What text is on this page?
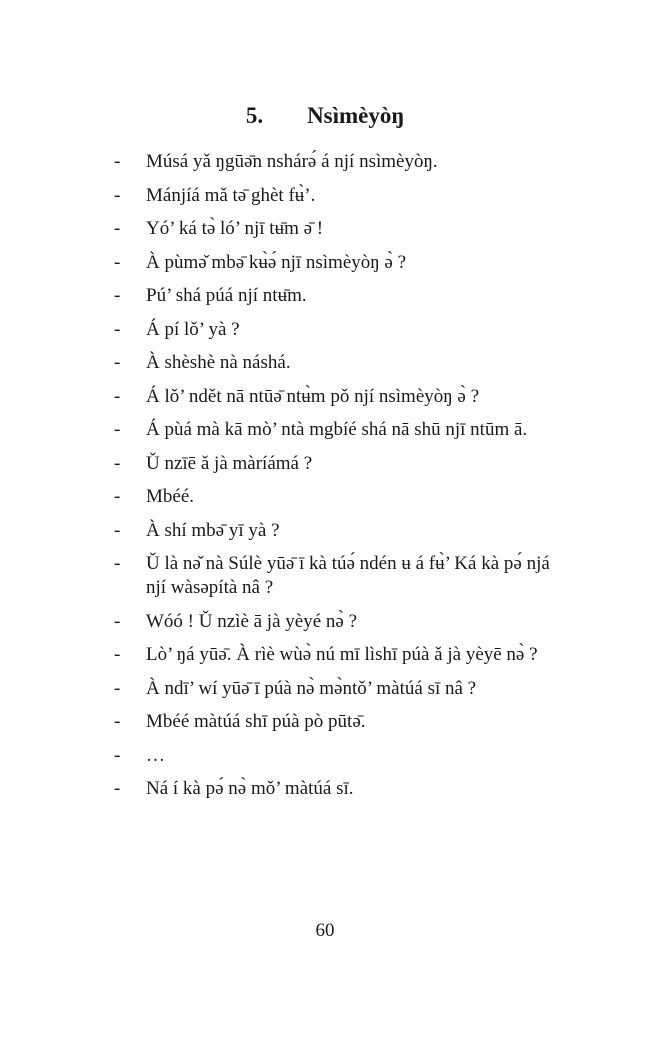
5. Nsìmèyòŋ
- Músá yǎ ŋgūə̄n nshárə́ á njí nsìmèyòŋ.
- Mánjíá mǎ tə̄ ghèt fʉ̀’.
- Yó’ ká tə̀ ló’ njī tʉ̄m ə̄ !
- À pùmə̌ mbə̄ kʉ̀ə́ njī nsìmèyòŋ ə̀ ?
- Pú’ shá púá njí ntʉ̄m.
- Á pí lǒ’ yà ?
- À shèshè nà náshá.
- Á lǒ’ ndět nā ntūə̄ ntʉ̀m pǒ njí nsìmèyòŋ ə̀ ?
- Á pùá mà kā mò’ ntà mgbíé shá nā shū njī ntūm ā.
- Ǔ nzīē ǎ jà màríámá ?
- Mbéé.
- À shí mbə̄ yī yà ?
- Ǔ là nə̌ nà Súlè yūə̄ ī kà túə́ ndén ʉ á fʉ̀’ Ká kà pə́ njá njí wàsəpítà nâ ?
- Wóó ! Ǔ nzìè ā jà yèyé nə̀ ?
- Lò’ ŋá yūə̄. À rìè wùə̀ nú mī lìshī púà ǎ jà yèyē nə̀ ?
- À ndī’ wí yūə̄ ī púà nə̀ mə̀ntǒ’ màtúá sī nâ ?
- Mbéé màtúá shī púà pò pūtə̄.
- …
- Ná í kà pə́ nə̀ mǒ’ màtúá sī.
60
